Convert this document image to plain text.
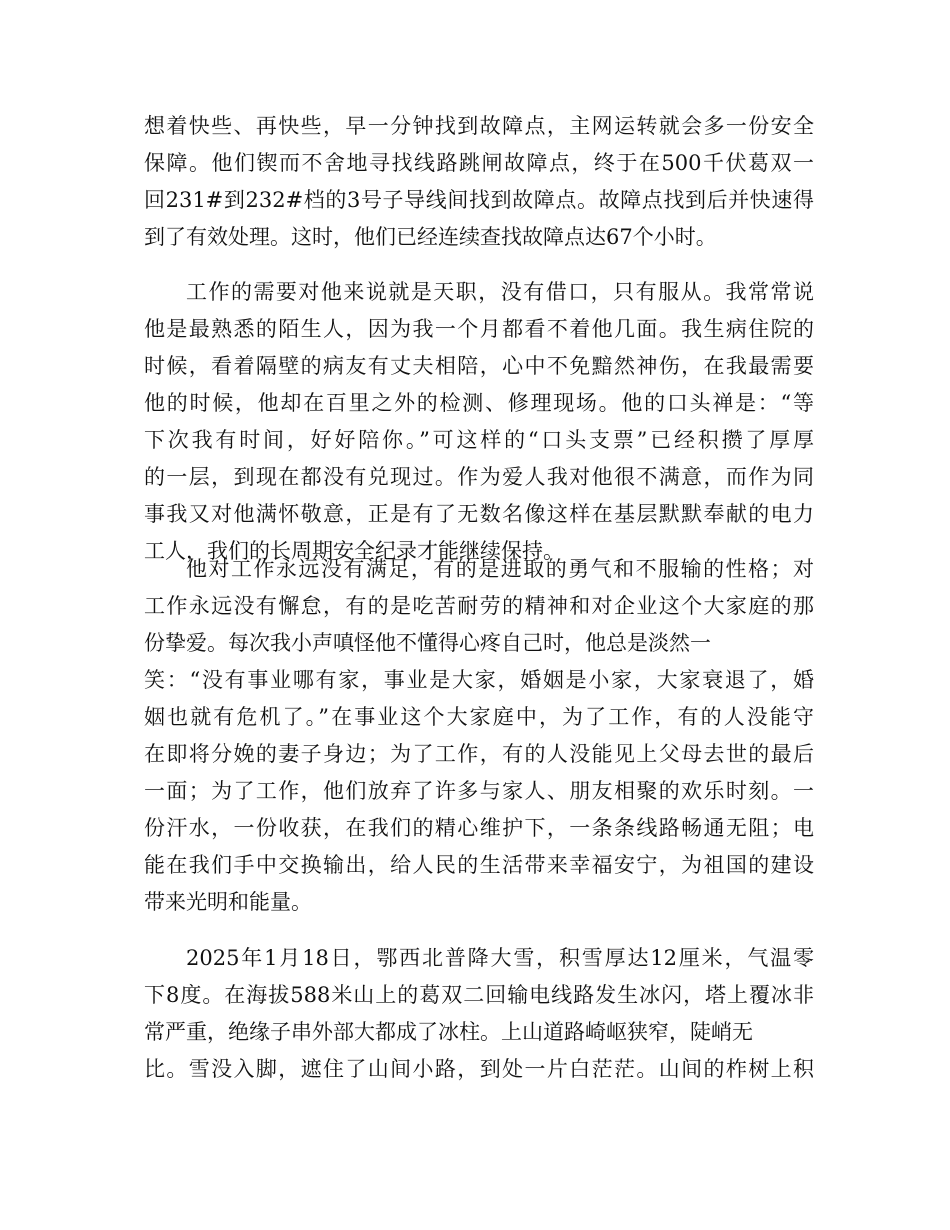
想着快些、再快些，早一分钟找到故障点，主网运转就会多一份安全
保障。他们锲而不舍地寻找线路跳闸故障点，终于在500千伏葛双一
回231#到232#档的3号子导线间找到故障点。故障点找到后并快速得
到了有效处理。这时，他们已经连续查找故障点达67个小时。
工作的需要对他来说就是天职，没有借口，只有服从。我常常说
他是最熟悉的陌生人，因为我一个月都看不着他几面。我生病住院的
时候，看着隔壁的病友有丈夫相陪，心中不免黯然神伤，在我最需要
他的时候，他却在百里之外的检测、修理现场。他的口头禅是：“等
下次我有时间，好好陪你。”可这样的“口头支票”已经积攒了厚厚
的一层，到现在都没有兑现过。作为爱人我对他很不满意，而作为同
事我又对他满怀敬意，正是有了无数名像这样在基层默默奉献的电力
工人，我们的长周期安全纪录才能继续保持。
他对工作永远没有满足，有的是进取的勇气和不服输的性格；对
工作永远没有懈怠，有的是吃苦耐劳的精神和对企业这个大家庭的那
份挚爱。每次我小声嗔怪他不懂得心疼自己时，他总是淡然一
笑：“没有事业哪有家，事业是大家，婚姻是小家，大家衰退了，婚
姻也就有危机了。”在事业这个大家庭中，为了工作，有的人没能守
在即将分娩的妻子身边；为了工作，有的人没能见上父母去世的最后
一面；为了工作，他们放弃了许多与家人、朋友相聚的欢乐时刻。一
份汗水，一份收获，在我们的精心维护下，一条条线路畅通无阻；电
能在我们手中交换输出，给人民的生活带来幸福安宁，为祖国的建设
带来光明和能量。
2025年1月18日，鄂西北普降大雪，积雪厚达12厘米，气温零
下8度。在海拔588米山上的葛双二回输电线路发生冰闪，塔上覆冰非
常严重，绝缘子串外部大都成了冰柱。上山道路崎岖狭窄，陡峭无
比。雪没入脚，遮住了山间小路，到处一片白茫茫。山间的柞树上积
